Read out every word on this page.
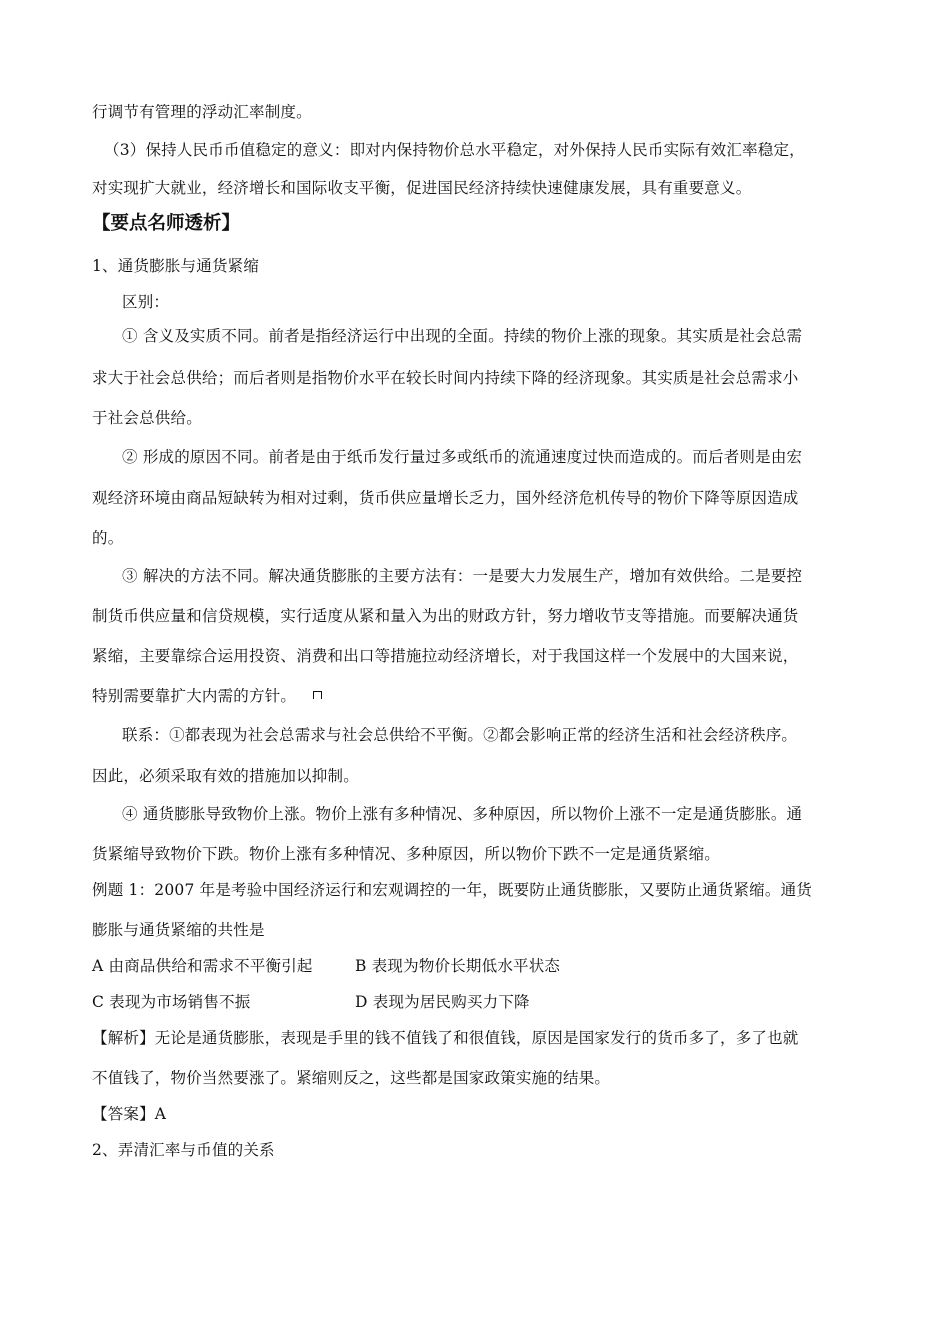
行调节有管理的浮动汇率制度。
（3）保持人民币币值稳定的意义：即对内保持物价总水平稳定，对外保持人民币实际有效汇率稳定，
对实现扩大就业，经济增长和国际收支平衡，促进国民经济持续快速健康发展，具有重要意义。
【要点名师透析】
1、通货膨胀与通货紧缩
区别：
① 含义及实质不同。前者是指经济运行中出现的全面。持续的物价上涨的现象。其实质是社会总需
求大于社会总供给；而后者则是指物价水平在较长时间内持续下降的经济现象。其实质是社会总需求小
于社会总供给。
② 形成的原因不同。前者是由于纸币发行量过多或纸币的流通速度过快而造成的。而后者则是由宏
观经济环境由商品短缺转为相对过剩，货币供应量增长乏力，国外经济危机传导的物价下降等原因造成
的。
③ 解决的方法不同。解决通货膨胀的主要方法有：一是要大力发展生产，增加有效供给。二是要控
制货币供应量和信贷规模，实行适度从紧和量入为出的财政方针，努力增收节支等措施。而要解决通货
紧缩，主要靠综合运用投资、消费和出口等措施拉动经济增长，对于我国这样一个发展中的大国来说，
特别需要靠扩大内需的方针。
联系：①都表现为社会总需求与社会总供给不平衡。②都会影响正常的经济生活和社会经济秩序。
因此，必须采取有效的措施加以抑制。
④ 通货膨胀导致物价上涨。物价上涨有多种情况、多种原因，所以物价上涨不一定是通货膨胀。通
货紧缩导致物价下跌。物价上涨有多种情况、多种原因，所以物价下跌不一定是通货紧缩。
例题 1：2007 年是考验中国经济运行和宏观调控的一年，既要防止通货膨胀，又要防止通货紧缩。通货
膨胀与通货紧缩的共性是
A 由商品供给和需求不平衡引起	B 表现为物价长期低水平状态
C 表现为市场销售不振	D 表现为居民购买力下降
【解析】无论是通货膨胀，表现是手里的钱不值钱了和很值钱，原因是国家发行的货币多了，多了也就
不值钱了，物价当然要涨了。紧缩则反之，这些都是国家政策实施的结果。
【答案】A
2、弄清汇率与币值的关系
